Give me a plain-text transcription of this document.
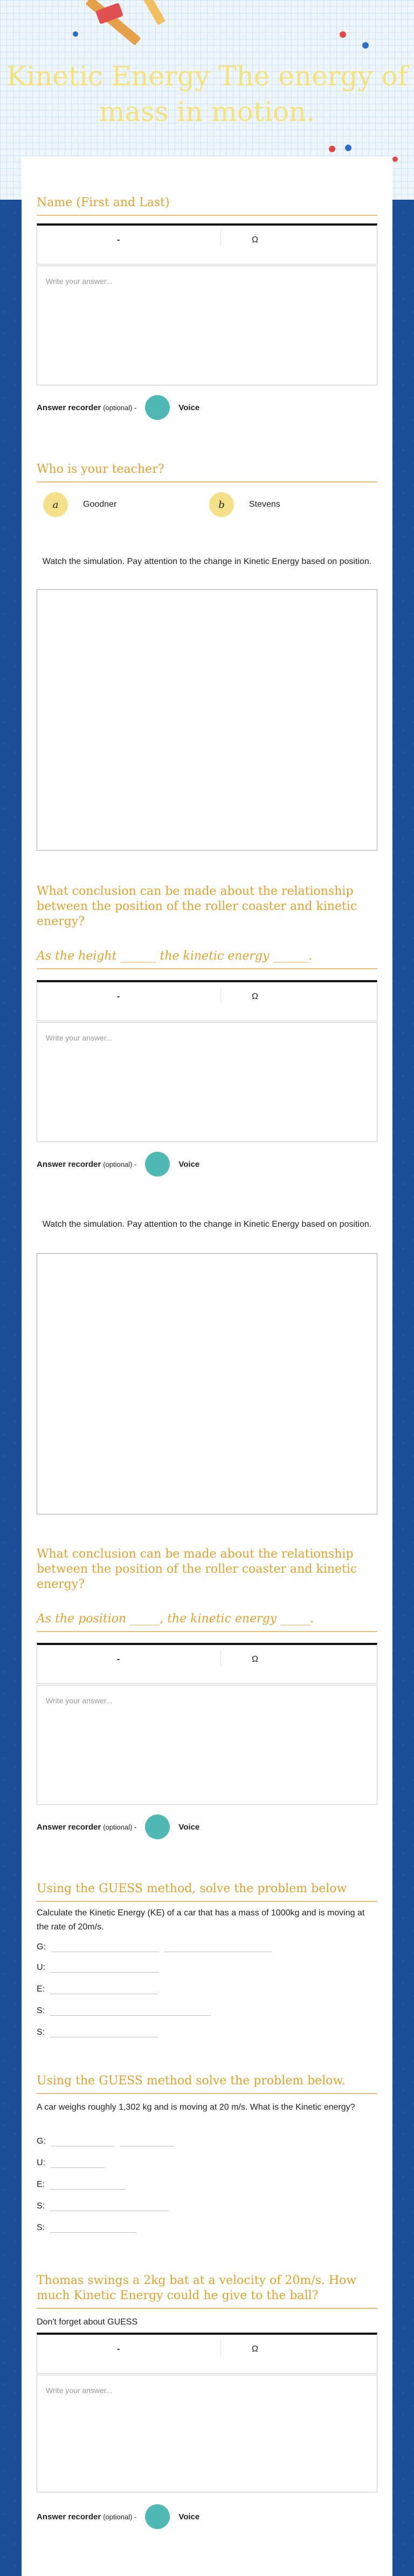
Kinetic Energy The energy of mass in motion.
Name (First and Last)
-	Ω
Write your answer...
Answer recorder (optional) -	Voice
Who is your teacher?
a	Goodner	b	Stevens
Watch the simulation. Pay attention to the change in Kinetic Energy based on position.
What conclusion can be made about the relationship between the position of the roller coaster and kinetic energy?
As the height ______ the kinetic energy ______.
-	Ω
Write your answer...
Answer recorder (optional) -	Voice
Watch the simulation. Pay attention to the change in Kinetic Energy based on position.
What conclusion can be made about the relationship between the position of the roller coaster and kinetic energy?
As the position _____, the kinetic energy _____.
-	Ω
Write your answer...
Answer recorder (optional) -	Voice
Using the GUESS method, solve the problem below
Calculate the Kinetic Energy (KE) of a car that has a mass of 1000kg and is moving at the rate of 20m/s.
G:
U:
E:
S:
S:
Using the GUESS method solve the problem below.
A car weighs roughly 1,302 kg and is moving at 20 m/s. What is the Kinetic energy?
G:
U:
E:
S:
S:
Thomas swings a 2kg bat at a velocity of 20m/s. How much Kinetic Energy could he give to the ball?
Don't forget about GUESS
-	Ω
Write your answer...
Answer recorder (optional) -	Voice
